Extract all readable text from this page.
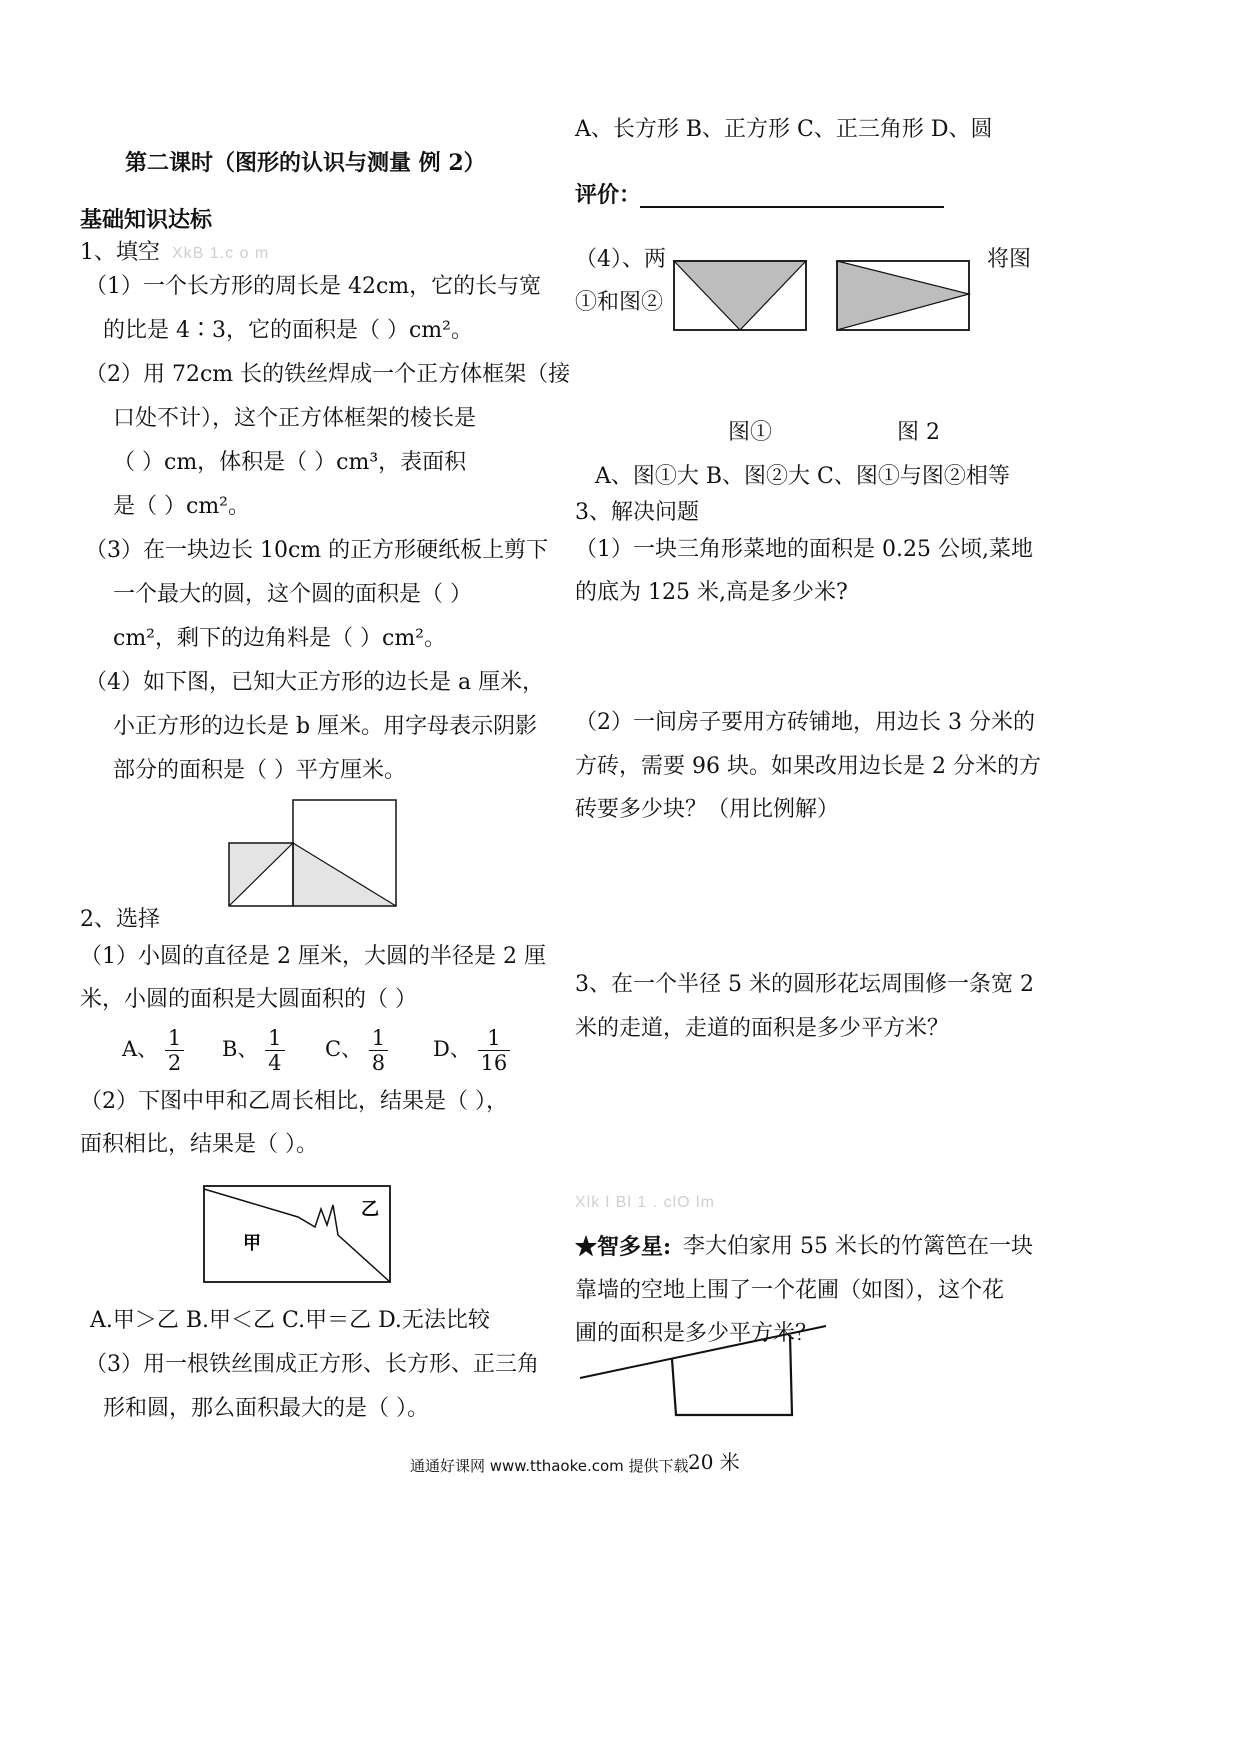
第二课时（图形的认识与测量 例 2）
基础知识达标
1、填空 XkB 1.c o m
（1）一个长方形的周长是 42cm，它的长与宽
的比是 4∶3，它的面积是（ ）cm²。
（2）用 72cm 长的铁丝焊成一个正方体框架（接
口处不计），这个正方体框架的棱长是
（ ）cm，体积是（ ）cm³，表面积
是（ ）cm²。
（3）在一块边长 10cm 的正方形硬纸板上剪下
一个最大的圆，这个圆的面积是（ ）
cm²，剩下的边角料是（ ）cm²。
（4）如下图，已知大正方形的边长是 a 厘米，
小正方形的边长是 b 厘米。用字母表示阴影
部分的面积是（ ）平方厘米。
2、选择
（1）小圆的直径是 2 厘米，大圆的半径是 2 厘
米，小圆的面积是大圆面积的（ ）
A、 $\frac{1}{2}$ B、 $\frac{1}{4}$ C、 $\frac{1}{8}$ D、 $\frac{1}{16}$
（2）下图中甲和乙周长相比，结果是（ ），
面积相比，结果是（ ）。
甲
乙
A.甲＞乙 B.甲＜乙 C.甲＝乙 D.无法比较
（3）用一根铁丝围成正方形、长方形、正三角
形和圆，那么面积最大的是（ ）。
A、长方形 B、正方形 C、正三角形 D、圆
评价：
（4）、两
①和图②
将图
图①	图 2
A、图①大 B、图②大 C、图①与图②相等
3、解决问题
（1）一块三角形菜地的面积是 0.25 公顷,菜地
的底为 125 米,高是多少米?
（2）一间房子要用方砖铺地，用边长 3 分米的
方砖，需要 96 块。如果改用边长是 2 分米的方
砖要多少块？（用比例解）
3、在一个半径 5 米的圆形花坛周围修一条宽 2
米的走道，走道的面积是多少平方米？
Xlk l Bl 1 . clO lm
★智多星: 李大伯家用 55 米长的竹篱笆在一块
靠墙的空地上围了一个花圃（如图），这个花
圃的面积是多少平方米？
通通好课网 www.tthaoke.com 提供下载 20 米
